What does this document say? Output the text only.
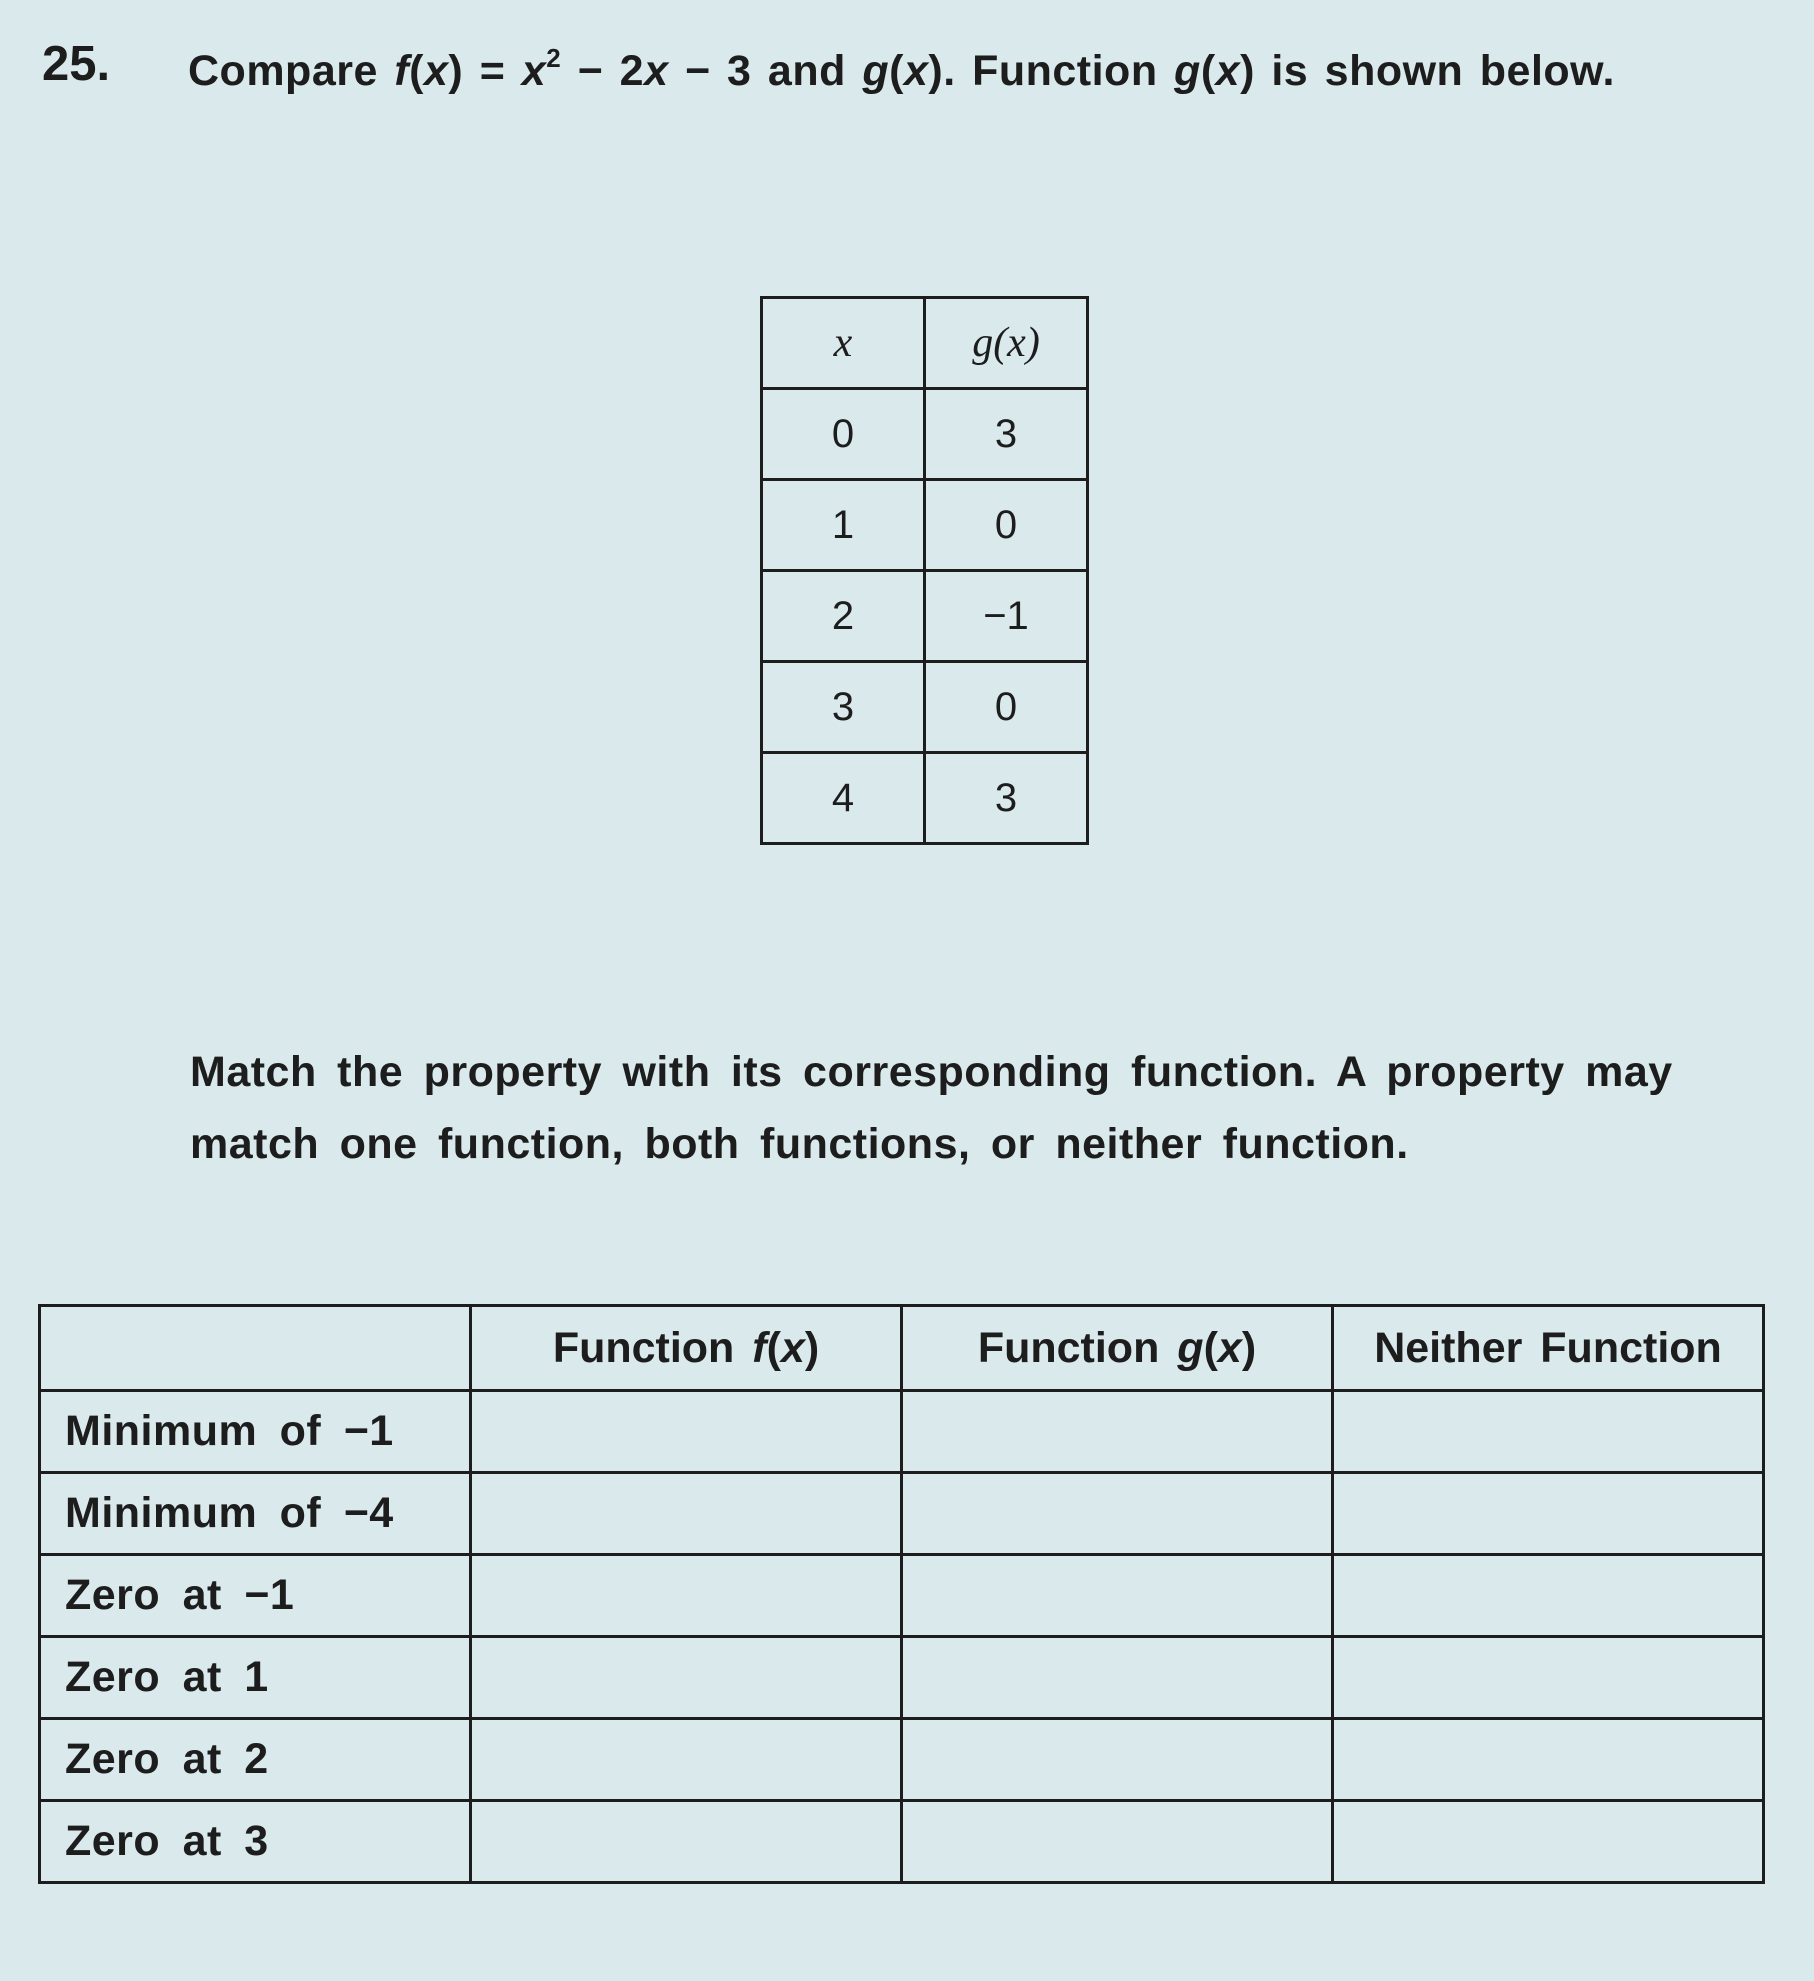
25. Compare $f(x) = x^2 - 2x - 3$ and g(x). Function g(x) is shown below.
x	g(x)
0	3
1	0
2	−1
3	0
4	3
Match the property with its corresponding function. A property may match one function, both functions, or neither function.
	Function f(x)	Function g(x)	Neither Function
Minimum of −1			
Minimum of −4			
Zero at −1			
Zero at 1			
Zero at 2			
Zero at 3			
